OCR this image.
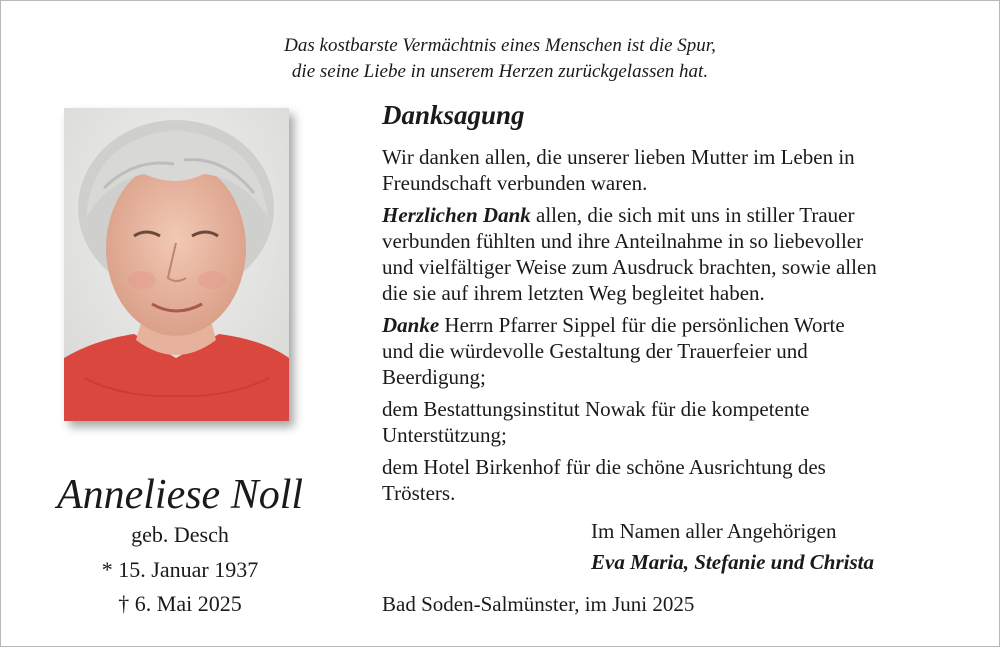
Das kostbarste Vermächtnis eines Menschen ist die Spur,
die seine Liebe in unserem Herzen zurückgelassen hat.
Anneliese Noll
geb. Desch
* 15. Januar 1937
† 6. Mai 2025
Danksagung
Wir danken allen, die unserer lieben Mutter im Leben in
Freundschaft verbunden waren.
Herzlichen Dank allen, die sich mit uns in stiller Trauer
verbunden fühlten und ihre Anteilnahme in so liebevoller
und vielfältiger Weise zum Ausdruck brachten, sowie allen
die sie auf ihrem letzten Weg begleitet haben.
Danke Herrn Pfarrer Sippel für die persönlichen Worte
und die würdevolle Gestaltung der Trauerfeier und
Beerdigung;
dem Bestattungsinstitut Nowak für die kompetente
Unterstützung;
dem Hotel Birkenhof für die schöne Ausrichtung des
Trösters.
Im Namen aller Angehörigen
Eva Maria, Stefanie und Christa
Bad Soden-Salmünster, im Juni 2025
